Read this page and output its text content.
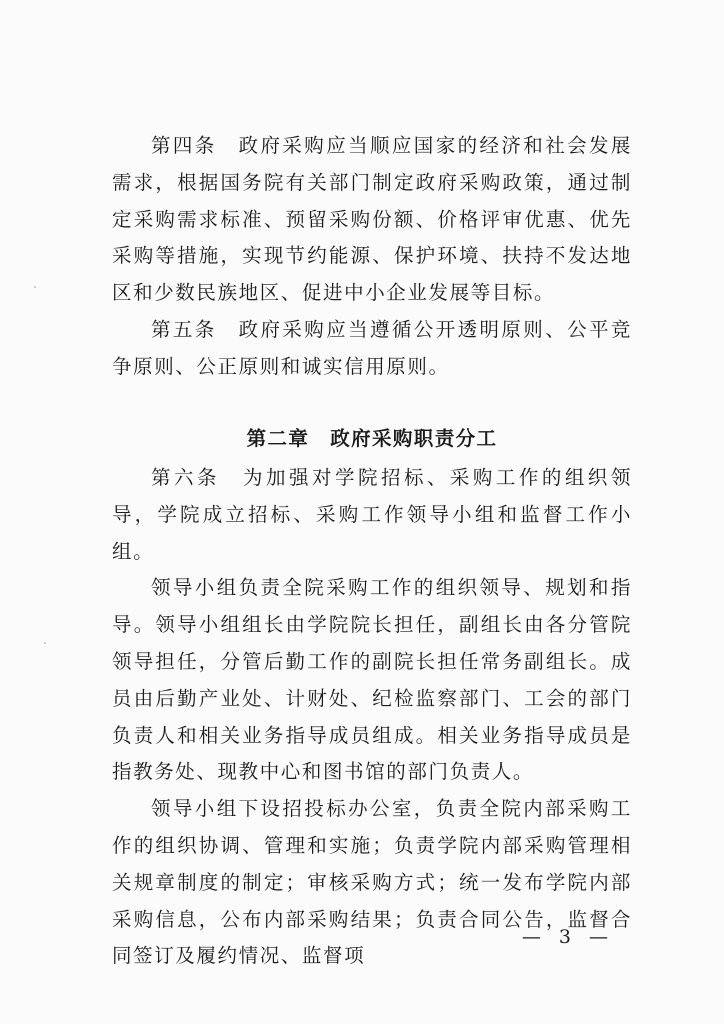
第四条　政府采购应当顺应国家的经济和社会发展需求，根据国务院有关部门制定政府采购政策，通过制定采购需求标准、预留采购份额、价格评审优惠、优先采购等措施，实现节约能源、保护环境、扶持不发达地区和少数民族地区、促进中小企业发展等目标。

第五条　政府采购应当遵循公开透明原则、公平竞争原则、公正原则和诚实信用原则。

第二章　政府采购职责分工

第六条　为加强对学院招标、采购工作的组织领导，学院成立招标、采购工作领导小组和监督工作小组。

领导小组负责全院采购工作的组织领导、规划和指导。领导小组组长由学院院长担任，副组长由各分管院领导担任，分管后勤工作的副院长担任常务副组长。成员由后勤产业处、计财处、纪检监察部门、工会的部门负责人和相关业务指导成员组成。相关业务指导成员是指教务处、现教中心和图书馆的部门负责人。

领导小组下设招投标办公室，负责全院内部采购工作的组织协调、管理和实施；负责学院内部采购管理相关规章制度的制定；审核采购方式；统一发布学院内部采购信息，公布内部采购结果；负责合同公告，监督合同签订及履约情况、监督项

— 3 —
